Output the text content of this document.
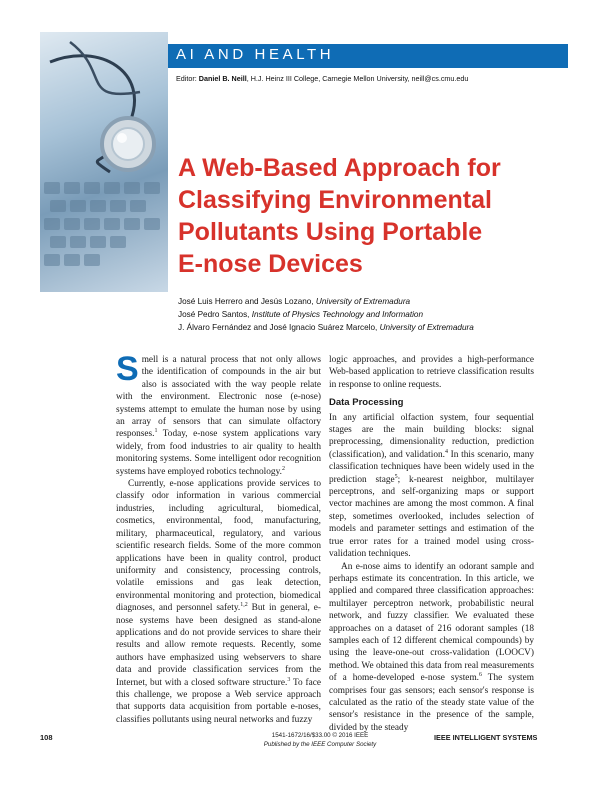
AI AND HEALTH
Editor: Daniel B. Neill, H.J. Heinz III College, Carnegie Mellon University, neill@cs.cmu.edu
A Web-Based Approach for
Classifying Environmental
Pollutants Using Portable
E-nose Devices
José Luis Herrero and Jesús Lozano, University of Extremadura
José Pedro Santos, Institute of Physics Technology and Information
J. Álvaro Fernández and José Ignacio Suárez Marcelo, University of Extremadura

Smell is a natural process that not only allows the identification of compounds in the air but also is associated with the way people relate with the environment. Electronic nose (e-nose) systems attempt to emulate the human nose by using an array of sensors that can simulate olfactory responses.$^1$ Today, e-nose system applications vary widely, from food industries to air quality to health monitoring systems. Some intelligent odor recognition systems have employed robotics technology.$^2$

Currently, e-nose applications provide services to classify odor information in various commercial industries, including agricultural, biomedical, cosmetics, environmental, food, manufacturing, military, pharmaceutical, regulatory, and various scientific research fields. Some of the more common applications have been in quality control, product uniformity and consistency, processing controls, volatile emissions and gas leak detection, environmental monitoring and protection, biomedical diagnoses, and personnel safety.$^{1,2}$ But in general, e-nose systems have been designed as stand-alone applications and do not provide services to share their results and allow remote requests. Recently, some authors have emphasized using webservers to share data and provide classification services from the Internet, but with a closed software structure.$^3$ To face this challenge, we propose a Web service approach that supports data acquisition from portable e-noses, classifies pollutants using neural networks and fuzzy

logic approaches, and provides a high-performance Web-based application to retrieve classification results in response to online requests.

Data Processing

In any artificial olfaction system, four sequential stages are the main building blocks: signal preprocessing, dimensionality reduction, prediction (classification), and validation.$^4$ In this scenario, many classification techniques have been widely used in the prediction stage$^5$; k-nearest neighbor, multilayer perceptrons, and self-organizing maps or support vector machines are among the most common. A final step, sometimes overlooked, includes selection of models and parameter settings and estimation of the true error rates for a trained model using cross-validation techniques.

An e-nose aims to identify an odorant sample and perhaps estimate its concentration. In this article, we applied and compared three classification approaches: multilayer perceptron network, probabilistic neural network, and fuzzy classifier. We evaluated these approaches on a dataset of 216 odorant samples (18 samples each of 12 different chemical compounds) by using the leave-one-out cross-validation (LOOCV) method. We obtained this data from real measurements of a home-developed e-nose system.$^6$ The system comprises four gas sensors; each sensor's response is calculated as the ratio of the steady state value of the sensor's resistance in the presence of the sample, divided by the steady

108	1541-1672/16/$33.00 © 2016 IEEE
Published by the IEEE Computer Society
IEEE INTELLIGENT SYSTEMS
